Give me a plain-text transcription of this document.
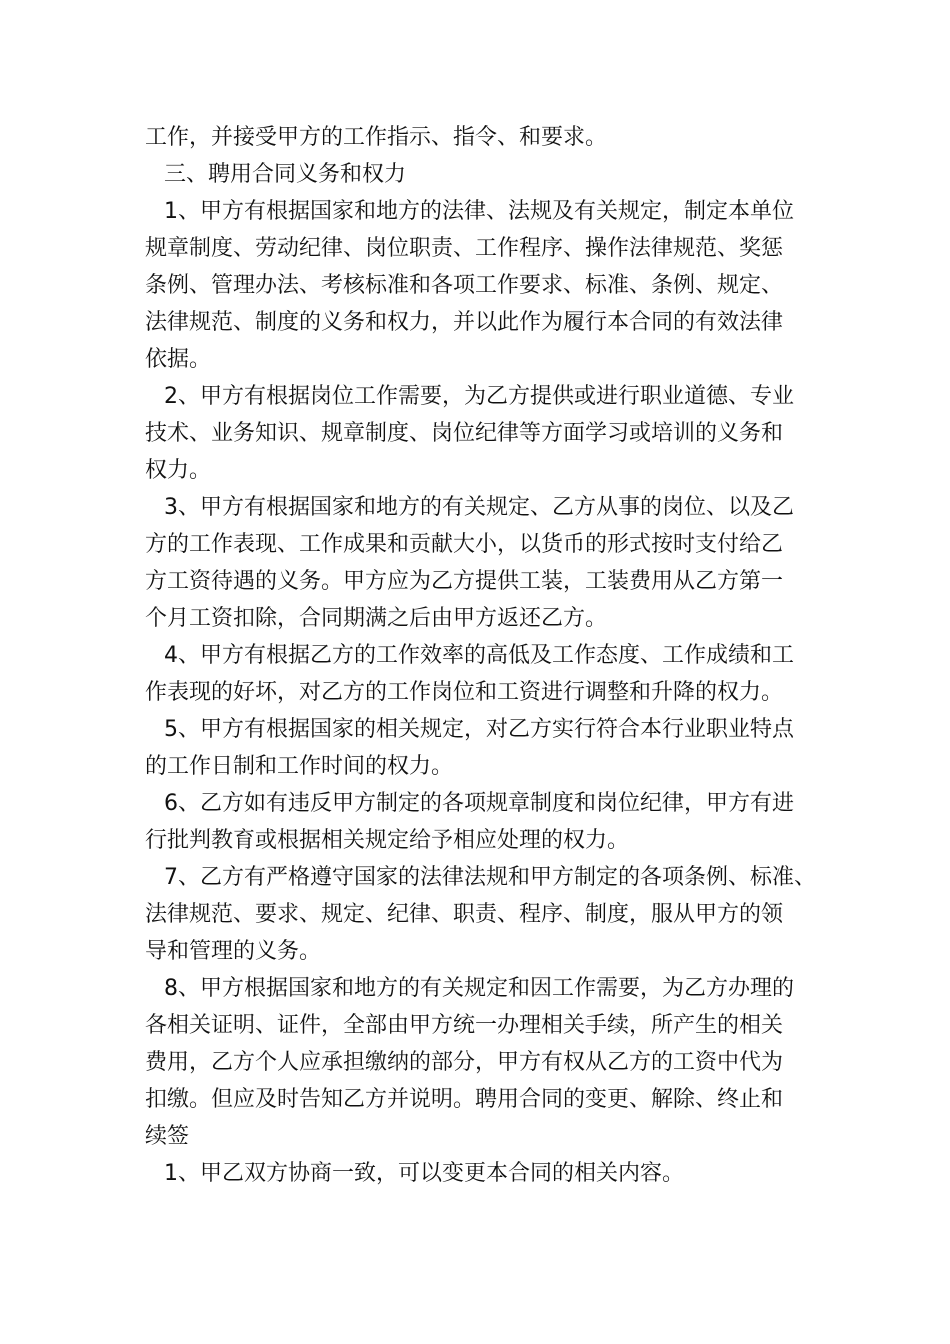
工作，并接受甲方的工作指示、指令、和要求。
三、聘用合同义务和权力
1、甲方有根据国家和地方的法律、法规及有关规定，制定本单位
规章制度、劳动纪律、岗位职责、工作程序、操作法律规范、奖惩
条例、管理办法、考核标准和各项工作要求、标准、条例、规定、
法律规范、制度的义务和权力，并以此作为履行本合同的有效法律
依据。
2、甲方有根据岗位工作需要，为乙方提供或进行职业道德、专业
技术、业务知识、规章制度、岗位纪律等方面学习或培训的义务和
权力。
3、甲方有根据国家和地方的有关规定、乙方从事的岗位、以及乙
方的工作表现、工作成果和贡献大小，以货币的形式按时支付给乙
方工资待遇的义务。甲方应为乙方提供工装，工装费用从乙方第一
个月工资扣除，合同期满之后由甲方返还乙方。
4、甲方有根据乙方的工作效率的高低及工作态度、工作成绩和工
作表现的好坏，对乙方的工作岗位和工资进行调整和升降的权力。
5、甲方有根据国家的相关规定，对乙方实行符合本行业职业特点
的工作日制和工作时间的权力。
6、乙方如有违反甲方制定的各项规章制度和岗位纪律，甲方有进
行批判教育或根据相关规定给予相应处理的权力。
7、乙方有严格遵守国家的法律法规和甲方制定的各项条例、标准、
法律规范、要求、规定、纪律、职责、程序、制度，服从甲方的领
导和管理的义务。
8、甲方根据国家和地方的有关规定和因工作需要，为乙方办理的
各相关证明、证件，全部由甲方统一办理相关手续，所产生的相关
费用，乙方个人应承担缴纳的部分，甲方有权从乙方的工资中代为
扣缴。但应及时告知乙方并说明。聘用合同的变更、解除、终止和
续签
1、甲乙双方协商一致，可以变更本合同的相关内容。
